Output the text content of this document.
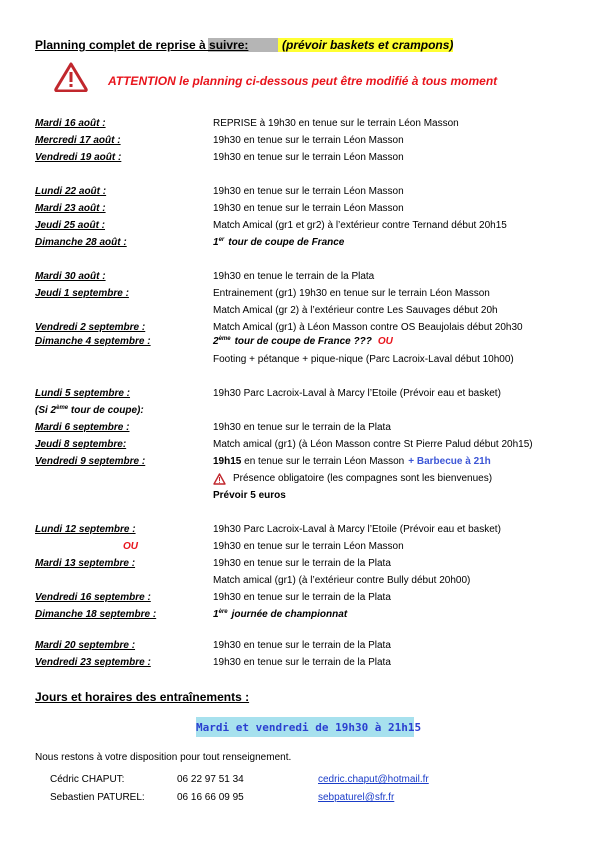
Planning complet de reprise à suivre:	(prévoir baskets et crampons)
ATTENTION le planning ci-dessous peut être modifié à tous moment
Mardi 16 août :	REPRISE à 19h30 en tenue sur le terrain Léon Masson
Mercredi 17 août :	19h30 en tenue sur le terrain Léon Masson
Vendredi 19 août :	19h30 en tenue sur le terrain Léon Masson
Lundi 22 août :	19h30 en tenue sur le terrain Léon Masson
Mardi 23 août :	19h30 en tenue sur le terrain Léon Masson
Jeudi 25 août :	Match Amical (gr1 et gr2) à l’extérieur contre Ternand début 20h15
Dimanche 28 août :	1er tour de coupe de France
Mardi 30 août :	19h30 en tenue le terrain de la Plata
Jeudi 1 septembre :	Entrainement (gr1) 19h30 en tenue sur le terrain Léon Masson
Match Amical (gr 2) à l’extérieur contre Les Sauvages début 20h
Vendredi 2 septembre :	Match Amical (gr1) à Léon Masson contre OS Beaujolais début 20h30
Dimanche 4 septembre :	2ème tour de coupe de France ??? OU
Footing + pétanque + pique-nique (Parc Lacroix-Laval début 10h00)
Lundi 5 septembre :	19h30 Parc Lacroix-Laval à Marcy l’Etoile (Prévoir eau et basket)
(Si 2ème tour de coupe):
Mardi 6 septembre :	19h30 en tenue sur le terrain de la Plata
Jeudi 8 septembre:	Match amical (gr1) (à Léon Masson contre St Pierre Palud début 20h15)
Vendredi 9 septembre :	19h15 en tenue sur le terrain Léon Masson + Barbecue à 21h
Présence obligatoire (les compagnes sont les bienvenues)
Prévoir 5 euros
Lundi 12 septembre :	19h30 Parc Lacroix-Laval à Marcy l’Etoile (Prévoir eau et basket)
OU	19h30 en tenue sur le terrain Léon Masson
Mardi 13 septembre :	19h30 en tenue sur le terrain de la Plata
Match amical (gr1) (à l’extérieur contre Bully début 20h00)
Vendredi 16 septembre :	19h30 en tenue sur le terrain de la Plata
Dimanche 18 septembre :	1ère journée de championnat
Mardi 20 septembre :	19h30 en tenue sur le terrain de la Plata
Vendredi 23 septembre :	19h30 en tenue sur le terrain de la Plata
Jours et horaires des entraînements :
Mardi et vendredi de 19h30 à 21h15
Nous restons à votre disposition pour tout renseignement.
Cédric CHAPUT:	06 22 97 51 34	cedric.chaput@hotmail.fr
Sebastien PATUREL:	06 16 66 09 95	sebpaturel@sfr.fr
